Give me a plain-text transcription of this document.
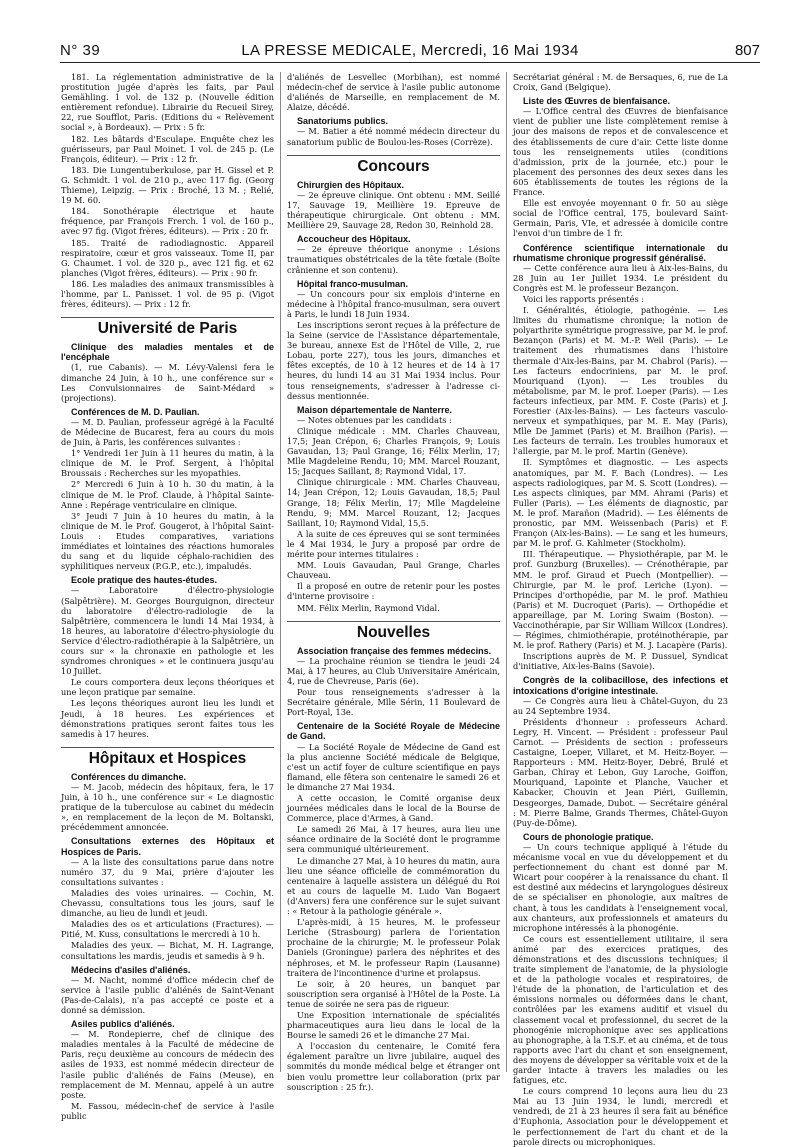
N° 39	LA PRESSE MEDICALE, Mercredi, 16 Mai 1934	807

181. La réglementation administrative de la prostitution jugée d'après les faits, par Paul Gemähling. 1 vol. de 132 p. (Nouvelle édition entièrement refondue). Librairie du Recueil Sirey, 22, rue Soufflot, Paris. (Editions du « Relèvement social », à Bordeaux). — Prix : 5 fr.

182. Les bâtards d'Esculape. Enquête chez les guérisseurs, par Paul Moinet. 1 vol. de 245 p. (Le François, éditeur). — Prix : 12 fr.

183. Die Lungentuberkulose, par H. Gissel et P. G. Schmidt. 1 vol. de 210 p., avec 117 fig. (Georg Thieme), Leipzig. — Prix : Broché, 13 M. ; Relié, 19 M. 60.

184. Sonothérapie électrique et haute fréquence, par François Frerch. 1 vol. de 160 p., avec 97 fig. (Vigot frères, éditeurs). — Prix : 20 fr.

185. Traité de radiodiagnostic. Appareil respiratoire, cœur et gros vaisseaux. Tome II, par G. Chaumet. 1 vol. de 320 p., avec 121 fig. et 62 planches (Vigot frères, éditeurs). — Prix : 90 fr.

186. Les maladies des animaux transmissibles à l'homme, par L. Panisset. 1 vol. de 95 p. (Vigot frères, éditeurs). — Prix : 12 fr.

Université de Paris
Clinique des maladies mentales et de l'encéphale

(1, rue Cabanis). — M. Lévy-Valensi fera le dimanche 24 Juin, à 10 h., une conférence sur « Les Convulsionnaires de Saint-Médard » (projections).

Conférences de M. D. Paulian.

— M. D. Paulian, professeur agrégé à la Faculté de Médecine de Bucarest, fera au cours du mois de Juin, à Paris, les conférences suivantes :

1° Vendredi 1er Juin à 11 heures du matin, à la clinique de M. le Prof. Sergent, à l'hôpital Broussais : Recherches sur les myopathies.

2° Mercredi 6 Juin à 10 h. 30 du matin, à la clinique de M. le Prof. Claude, à l'hôpital Sainte-Anne : Repérage ventriculaire en clinique.

3° Jeudi 7 Juin à 10 heures du matin, à la clinique de M. le Prof. Gougerot, à l'hôpital Saint-Louis : Etudes comparatives, variations immédiates et lointaines des réactions humorales du sang et du liquide céphalo-rachidien des syphilitiques nerveux (P.G.P., etc.), impaludés.

Ecole pratique des hautes-études.

— Laboratoire d'électro-physiologie (Salpêtrière). M. Georges Bourguignon, directeur du laboratoire d'électro-radiologie de la Salpêtrière, commencera le lundi 14 Mai 1934, à 18 heures, au laboratoire d'électro-physiologie du Service d'électro-radiothérapie à la Salpêtrière, un cours sur « la chronaxie en pathologie et les syndromes chroniques » et le continuera jusqu'au 10 Juillet.

Le cours comportera deux leçons théoriques et une leçon pratique par semaine.

Les leçons théoriques auront lieu les lundi et Jeudi, à 18 heures. Les expériences et démonstrations pratiques seront faites tous les samedis à 17 heures.

Hôpitaux et Hospices
Conférences du dimanche.

— M. Jacob, médecin des hôpitaux, fera, le 17 Juin, à 10 h., une conférence sur « Le diagnostic pratique de la tuberculose au cabinet du médecin », en remplacement de la leçon de M. Boltanski, précédemment annoncée.

Consultations externes des Hôpitaux et Hospices de Paris.

— A la liste des consultations parue dans notre numéro 37, du 9 Mai, prière d'ajouter les consultations suivantes :

Maladies des voies urinaires. — Cochin, M. Chevassu, consultations tous les jours, sauf le dimanche, au lieu de lundi et jeudi.

Maladies des os et articulations (Fractures). — Pitié, M. Kuss, consultations le mercredi à 10 h.

Maladies des yeux. — Bichat, M. H. Lagrange, consultations les mardis, jeudis et samedis à 9 h.

Médecins d'asiles d'aliénés.

— M. Nacht, nommé d'office médecin chef de service à l'asile public d'aliénés de Saint-Venant (Pas-de-Calais), n'a pas accepté ce poste et a donné sa démission.

Asiles publics d'aliénés.

— M. Rondepierre, chef de clinique des maladies mentales à la Faculté de médecine de Paris, reçu deuxième au concours de médecin des asiles de 1933, est nommé médecin directeur de l'asile public d'aliénés de Fains (Meuse), en remplacement de M. Mennau, appelé à un autre poste.

M. Fassou, médecin-chef de service à l'asile public

d'aliénés de Lesvellec (Morbihan), est nommé médecin-chef de service à l'asile public autonome d'aliénés de Marseille, en remplacement de M. Alaize, décédé.

Sanatoriums publics.

— M. Batier a été nommé médecin directeur du sanatorium public de Boulou-les-Roses (Corrèze).

Concours
Chirurgien des Hôpitaux.

— 2e épreuve clinique. Ont obtenu : MM. Seillé 17, Sauvage 19, Meillière 19. Epreuve de thérapeutique chirurgicale. Ont obtenu : MM. Meillière 29, Sauvage 28, Redon 30, Reinhold 28.

Accoucheur des Hôpitaux.

— 2e épreuve théorique anonyme : Lésions traumatiques obstétricales de la tête fœtale (Boîte crânienne et son contenu).

Hôpital franco-musulman.

— Un concours pour six emplois d'interne en médecine à l'hôpital franco-musulman, sera ouvert à Paris, le lundi 18 Juin 1934.

Les inscriptions seront reçues à la préfecture de la Seine (service de l'Assistance départementale, 3e bureau, annexe Est de l'Hôtel de Ville, 2, rue Lobau, porte 227), tous les jours, dimanches et fêtes exceptés, de 10 à 12 heures et de 14 à 17 heures, du lundi 14 au 31 Mai 1934 inclus. Pour tous renseignements, s'adresser à l'adresse ci-dessus mentionnée.

Maison départementale de Nanterre.

— Notes obtenues par les candidats :

Clinique médicale : MM. Charles Chauveau, 17,5; Jean Crépon, 6; Charles François, 9; Louis Gavaudan, 13; Paul Grange, 16; Félix Merlin, 17; Mlle Magdeleine Rendu, 10; MM. Marcel Rouzant, 15; Jacques Saillant, 8; Raymond Vidal, 17.

Clinique chirurgicale : MM. Charles Chauveau, 14; Jean Crépon, 12; Louis Gavaudan, 18,5; Paul Grange, 18; Félix Merlin, 17; Mlle Magdeleine Rendu, 9; MM. Marcel Rouzant, 12; Jacques Saillant, 10; Raymond Vidal, 15,5.

A la suite de ces épreuves qui se sont terminées le 4 Mai 1934, le Jury a proposé par ordre de mérite pour internes titulaires :

MM. Louis Gavaudan, Paul Grange, Charles Chauveau.

Il a proposé en outre de retenir pour les postes d'interne provisoire :

MM. Félix Merlin, Raymond Vidal.

Nouvelles
Association française des femmes médecins.

— La prochaine réunion se tiendra le jeudi 24 Mai, à 17 heures, au Club Universitaire Américain, 4, rue de Chevreuse, Paris (6e).

Pour tous renseignements s'adresser à la Secrétaire générale, Mlle Sérin, 11 Boulevard de Port-Royal, 13e.

Centenaire de la Société Royale de Médecine de Gand.

— La Société Royale de Médecine de Gand est la plus ancienne Société médicale de Belgique, c'est un actif foyer de culture scientifique en pays flamand, elle fêtera son centenaire le samedi 26 et le dimanche 27 Mai 1934.

A cette occasion, le Comité organise deux journées médicales dans le local de la Bourse de Commerce, place d'Armes, à Gand.

Le samedi 26 Mai, à 17 heures, aura lieu une séance ordinaire de la Société dont le programme sera communiqué ultérieurement.

Le dimanche 27 Mai, à 10 heures du matin, aura lieu une séance officielle de commémoration du centenaire à laquelle assistera un délégué du Roi et au cours de laquelle M. Ludo Van Bogaert (d'Anvers) fera une conférence sur le sujet suivant : « Retour à la pathologie générale ».

L'après-midi, à 15 heures, M. le professeur Leriche (Strasbourg) parlera de l'orientation prochaine de la chirurgie; M. le professeur Polak Daniels (Groningue) parlera des néphrites et des néphroses, et M. le professeur Rapin (Lausanne) traitera de l'incontinence d'urine et prolapsus.

Le soir, à 20 heures, un banquet par souscription sera organisé à l'Hôtel de la Poste. La tenue de soirée ne sera pas de rigueur.

Une Exposition internationale de spécialités pharmaceutiques aura lieu dans le local de la Bourse le samedi 26 et le dimanche 27 Mai.

A l'occasion du centenaire, le Comité fera également paraître un livre jubilaire, auquel des sommités du monde médical belge et étranger ont bien voulu promettre leur collaboration (prix par souscription : 25 fr.).

Secrétariat général : M. de Bersaques, 6, rue de La Croix, Gand (Belgique).

Liste des Œuvres de bienfaisance.

— L'Office central des Œuvres de bienfaisance vient de publier une liste complètement remise à jour des maisons de repos et de convalescence et des établissements de cure d'air. Cette liste donne tous les renseignements utiles (conditions d'admission, prix de la journée, etc.) pour le placement des personnes des deux sexes dans les 605 établissements de toutes les régions de la France.

Elle est envoyée moyennant 0 fr. 50 au siège social de l'Office central, 175, boulevard Saint-Germain, Paris, VIe, et adressée à domicile contre l'envoi d'un timbre de 1 fr.

Conférence scientifique internationale du rhumatisme chronique progressif généralisé.

— Cette conférence aura lieu à Aix-les-Bains, du 28 Juin au 1er Juillet 1934. Le président du Congrès est M. le professeur Bezançon.

Voici les rapports présentés :

I. Généralités, étiologie, pathogénie. — Les limites du rhumatisme chronique; la notion de polyarthrite symétrique progressive, par M. le prof. Bezançon (Paris) et M. M.-P. Weil (Paris). — Le traitement des rhumatismes dans l'histoire thermale d'Aix-les-Bains, par M. Chabrol (Paris). — Les facteurs endocriniens, par M. le prof. Mouriquand (Lyon). — Les troubles du métabolisme, par M. le prof. Loeper (Paris). — Les facteurs infectieux, par MM. F. Coste (Paris) et J. Forestier (Aix-les-Bains). — Les facteurs vasculo-nerveux et sympathiques, par M. E. May (Paris), Mlle De Jammet (Paris) et M. Brailhon (Paris). — Les facteurs de terrain. Les troubles humoraux et l'allergie, par M. le prof. Martin (Genève).

II. Symptômes et diagnostic. — Les aspects anatomiques, par M. F. Bach (Londres). — Les aspects radiologiques, par M. S. Scott (Londres). — Les aspects cliniques, par MM. Ahrami (Paris) et Fuller (Paris). — Les éléments de diagnostic, par M. le prof. Marañon (Madrid). — Les éléments de pronostic, par MM. Weissenbach (Paris) et F. Françon (Aix-les-Bains). — Le sang et les humeurs, par M. le prof. G. Kahlmeter (Stockholm).

III. Thérapeutique. — Physiothérapie, par M. le prof. Gunzburg (Bruxelles). — Crénothérapie, par MM. le prof. Giraud et Puech (Montpellier). — Chirurgie, par M. le prof. Leriche (Lyon). — Principes d'orthopédie, par M. le prof. Mathieu (Paris) et M. Ducroquet (Paris). — Orthopédie et appareillage, par M. Loring Swaim (Boston). — Vaccinothérapie, par Sir William Willcox (Londres). — Régimes, chimiothérapie, protéinothérapie, par M. le prof. Rathery (Paris) et M. J. Lacapère (Paris).

Inscriptions auprès de M. P. Dussuel, Syndicat d'initiative, Aix-les-Bains (Savoie).

Congrès de la colibacillose, des infections et intoxications d'origine intestinale.

— Ce Congrès aura lieu à Châtel-Guyon, du 23 au 24 Septembre 1934.

Présidents d'honneur : professeurs Achard. Legry, H. Vincent. — Président : professeur Paul Carnot. — Présidents de section : professeurs Castaigne, Loeper, Villaret, et M. Heitz-Boyer. — Rapporteurs : MM. Heitz-Boyer, Debré, Brulé et Garban, Chiray et Lebon, Guy Laroche, Goiffon, Mouriquand, Lapointe et Planche, Vaucher et Kabacker, Chouvin et Jean Piéri, Guillemin, Desgeorges, Damade, Dubot. — Secrétaire général : M. Pierre Balme, Grands Thermes, Châtel-Guyon (Puy-de-Dôme).

Cours de phonologie pratique.

— Un cours technique appliqué à l'étude du mécanisme vocal en vue du développement et du perfectionnement du chant est donné par M. Wicart pour coopérer à la renaissance du chant. Il est destiné aux médecins et laryngologues désireux de se spécialiser en phonologie, aux maîtres de chant, à tous les candidats à l'enseignement vocal, aux chanteurs, aux professionnels et amateurs du microphone intéressés à la phonogénie.

Ce cours est essentiellement utilitaire, il sera animé par des exercices pratiques, des démonstrations et des discussions techniques; il traite simplement de l'anatomie, de la physiologie et de la pathologie vocales et respiratoires, de l'étude de la phonation, de l'articulation et des émissions normales ou déformées dans le chant, contrôlées par les examens auditif et visuel du classement vocal et professionnel, du secret de la phonogénie microphonique avec ses applications au phonographe, à la T.S.F. et au cinéma, et de tous rapports avec l'art du chant et son enseignement, des moyens de développer sa véritable voix et de la garder intacte à travers les maladies ou les fatigues, etc.

Le cours comprend 10 leçons aura lieu du 23 Mai au 13 Juin 1934, le lundi, mercredi et vendredi, de 21 à 23 heures il sera fait au bénéfice d'Euphonia, Association pour le développement et le perfectionnement de l'art du chant et de la parole directs ou microphoniques.
